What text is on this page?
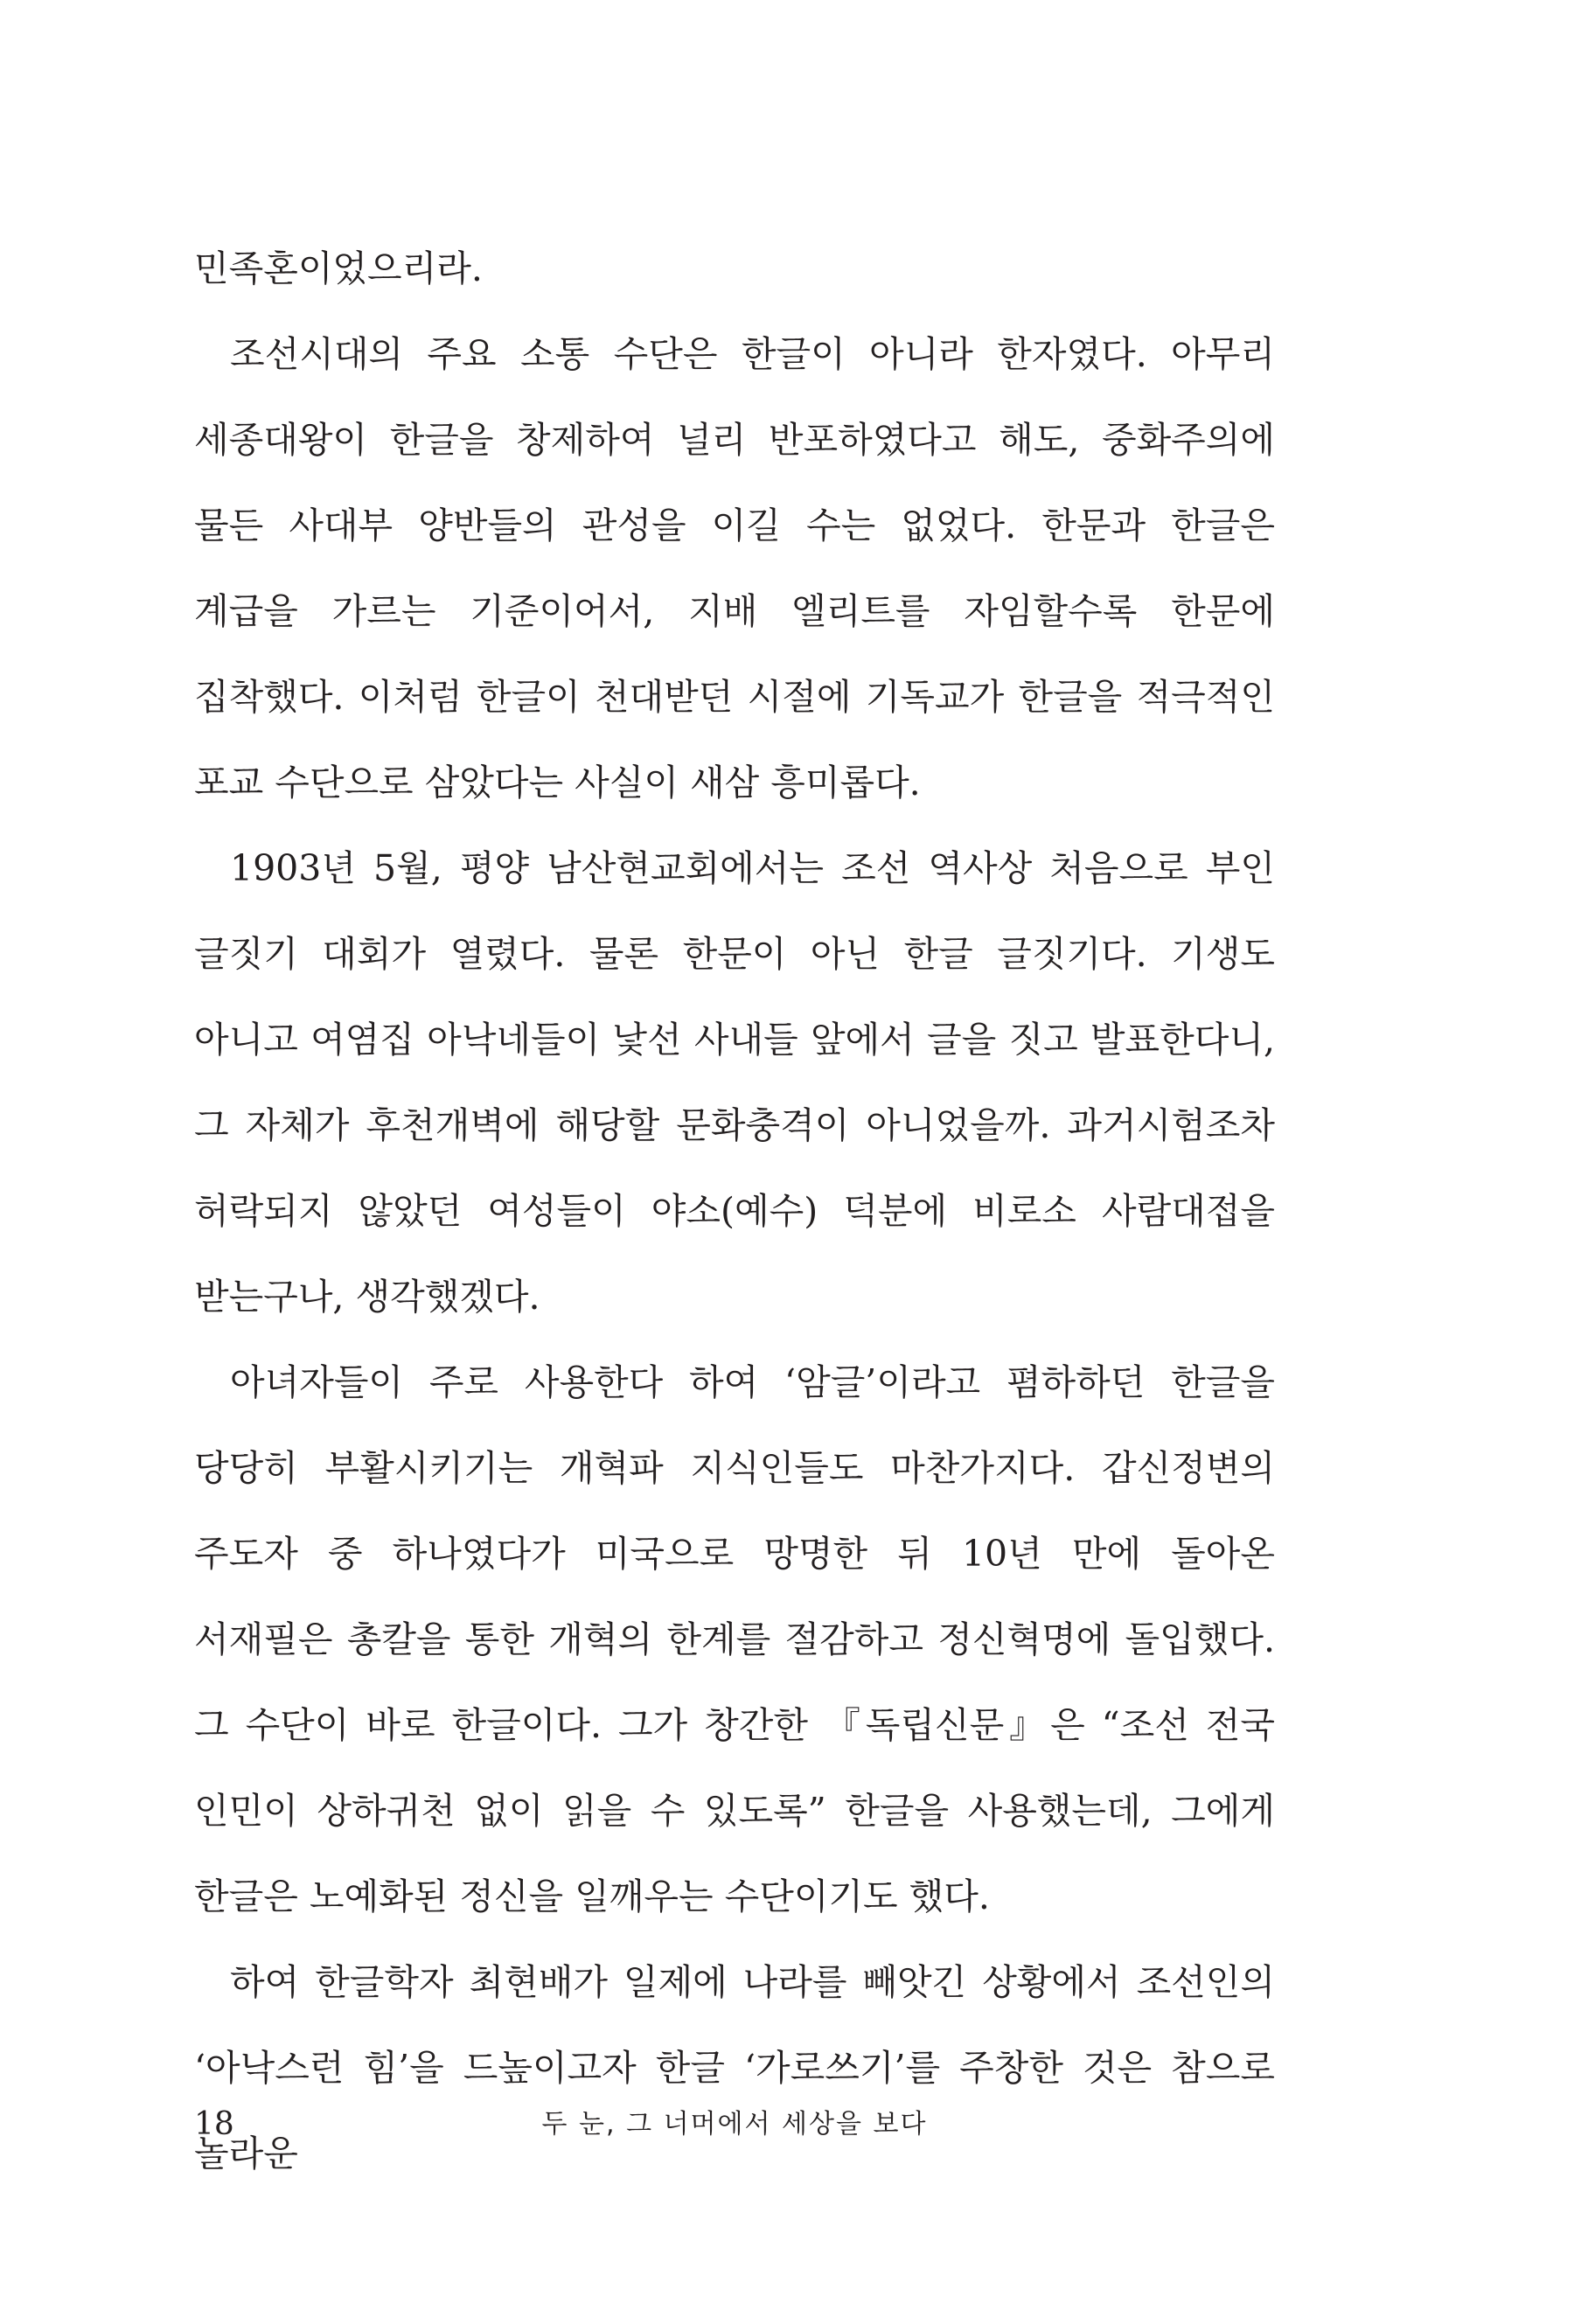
민족혼이었으리라.

조선시대의 주요 소통 수단은 한글이 아니라 한자였다. 아무리 세종대왕이 한글을 창제하여 널리 반포하였다고 해도, 중화주의에 물든 사대부 양반들의 관성을 이길 수는 없었다. 한문과 한글은 계급을 가르는 기준이어서, 지배 엘리트를 자임할수록 한문에 집착했다. 이처럼 한글이 천대받던 시절에 기독교가 한글을 적극적인 포교 수단으로 삼았다는 사실이 새삼 흥미롭다.

1903년 5월, 평양 남산현교회에서는 조선 역사상 처음으로 부인 글짓기 대회가 열렸다. 물론 한문이 아닌 한글 글짓기다. 기생도 아니고 여염집 아낙네들이 낯선 사내들 앞에서 글을 짓고 발표한다니, 그 자체가 후천개벽에 해당할 문화충격이 아니었을까. 과거시험조차 허락되지 않았던 여성들이 야소(예수) 덕분에 비로소 사람대접을 받는구나, 생각했겠다.

아녀자들이 주로 사용한다 하여 ‘암글’이라고 폄하하던 한글을 당당히 부활시키기는 개혁파 지식인들도 마찬가지다. 갑신정변의 주도자 중 하나였다가 미국으로 망명한 뒤 10년 만에 돌아온 서재필은 총칼을 통한 개혁의 한계를 절감하고 정신혁명에 돌입했다. 그 수단이 바로 한글이다. 그가 창간한 『독립신문』은 “조선 전국 인민이 상하귀천 없이 읽을 수 있도록” 한글을 사용했는데, 그에게 한글은 노예화된 정신을 일깨우는 수단이기도 했다.

하여 한글학자 최현배가 일제에 나라를 빼앗긴 상황에서 조선인의 ‘아낙스런 힘’을 드높이고자 한글 ‘가로쓰기’를 주창한 것은 참으로 놀라운

18	두 눈, 그 너머에서 세상을 보다
